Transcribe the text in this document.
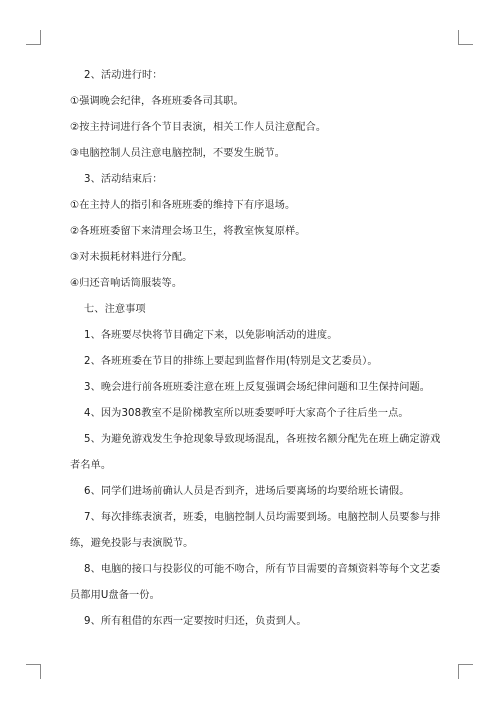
2、活动进行时：
①强调晚会纪律，各班班委各司其职。
②按主持词进行各个节目表演，相关工作人员注意配合。
③电脑控制人员注意电脑控制，不要发生脱节。
3、活动结束后：
①在主持人的指引和各班班委的维持下有序退场。
②各班班委留下来清理会场卫生，将教室恢复原样。
③对未损耗材料进行分配。
④归还音响话筒服装等。
七、注意事项
1、各班要尽快将节目确定下来，以免影响活动的进度。
2、各班班委在节目的排练上要起到监督作用(特别是文艺委员）。
3、晚会进行前各班班委注意在班上反复强调会场纪律问题和卫生保持问题。
4、因为308教室不是阶梯教室所以班委要呼吁大家高个子往后坐一点。
5、为避免游戏发生争抢现象导致现场混乱，各班按名额分配先在班上确定游戏
者名单。
6、同学们进场前确认人员是否到齐，进场后要离场的均要给班长请假。
7、每次排练表演者，班委，电脑控制人员均需要到场。电脑控制人员要参与排
练，避免投影与表演脱节。
8、电脑的接口与投影仪的可能不吻合，所有节目需要的音频资料等每个文艺委
员都用U盘备一份。
9、所有租借的东西一定要按时归还，负责到人。
